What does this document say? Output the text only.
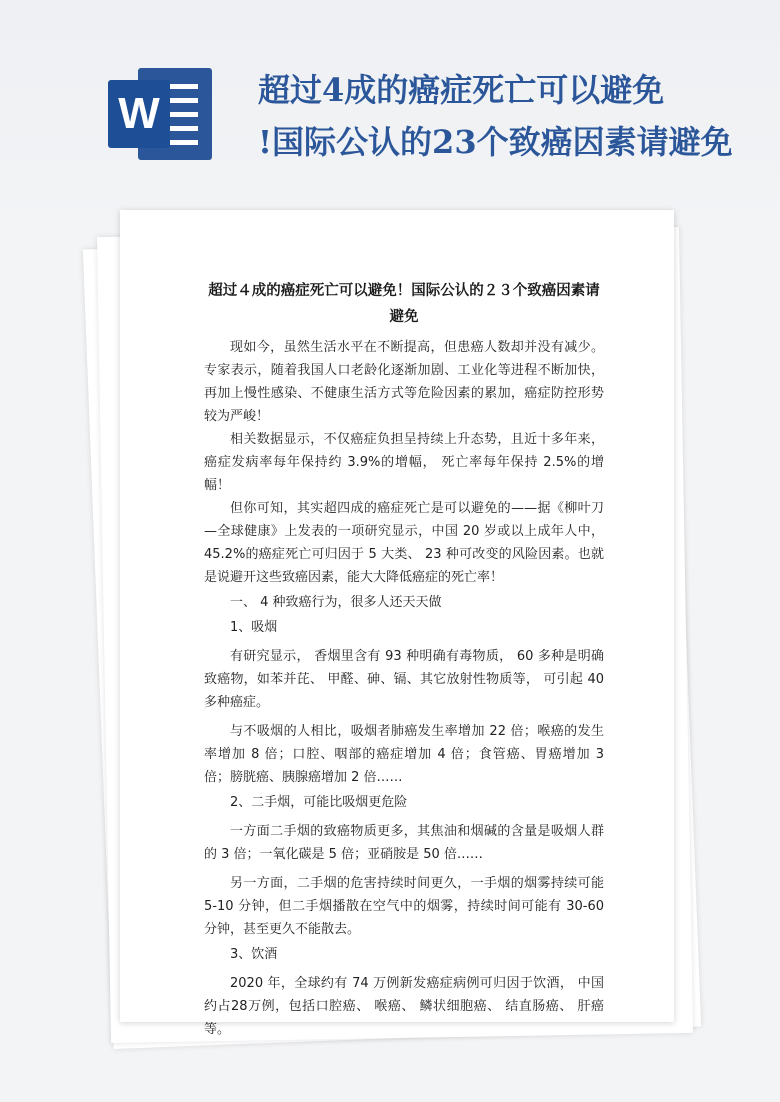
W	超过4成的癌症死亡可以避免
!国际公认的23个致癌因素请避免
超过４成的癌症死亡可以避免！国际公认的２３个致癌因素请避免

现如今，虽然生活水平在不断提高，但患癌人数却并没有减少。专家表示，随着我国人口老龄化逐渐加剧、工业化等进程不断加快，再加上慢性感染、不健康生活方式等危险因素的累加，癌症防控形势较为严峻！

相关数据显示，不仅癌症负担呈持续上升态势，且近十多年来，癌症发病率每年保持约 3.9%的增幅， 死亡率每年保持 2.5%的增幅！

但你可知，其实超四成的癌症死亡是可以避免的——据《柳叶刀—全球健康》上发表的一项研究显示，中国 20 岁或以上成年人中，45.2%的癌症死亡可归因于 5 大类、 23 种可改变的风险因素。也就是说避开这些致癌因素，能大大降低癌症的死亡率！

一、 4 种致癌行为，很多人还天天做
1、吸烟

有研究显示， 香烟里含有 93 种明确有毒物质， 60 多种是明确致癌物，如苯并芘、 甲醛、砷、镉、其它放射性物质等， 可引起 40 多种癌症。

与不吸烟的人相比，吸烟者肺癌发生率增加 22 倍；喉癌的发生率增加 8 倍；口腔、咽部的癌症增加 4 倍；食管癌、胃癌增加 3 倍；膀胱癌、胰腺癌增加 2 倍……

2、二手烟，可能比吸烟更危险

一方面二手烟的致癌物质更多，其焦油和烟碱的含量是吸烟人群的 3 倍；一氧化碳是 5 倍；亚硝胺是 50 倍……

另一方面，二手烟的危害持续时间更久，一手烟的烟雾持续可能 5-10 分钟，但二手烟播散在空气中的烟雾，持续时间可能有 30-60 分钟，甚至更久不能散去。

3、饮酒

2020 年，全球约有 74 万例新发癌症病例可归因于饮酒， 中国约占28万例，包括口腔癌、 喉癌、 鳞状细胞癌、 结直肠癌、 肝癌等。
